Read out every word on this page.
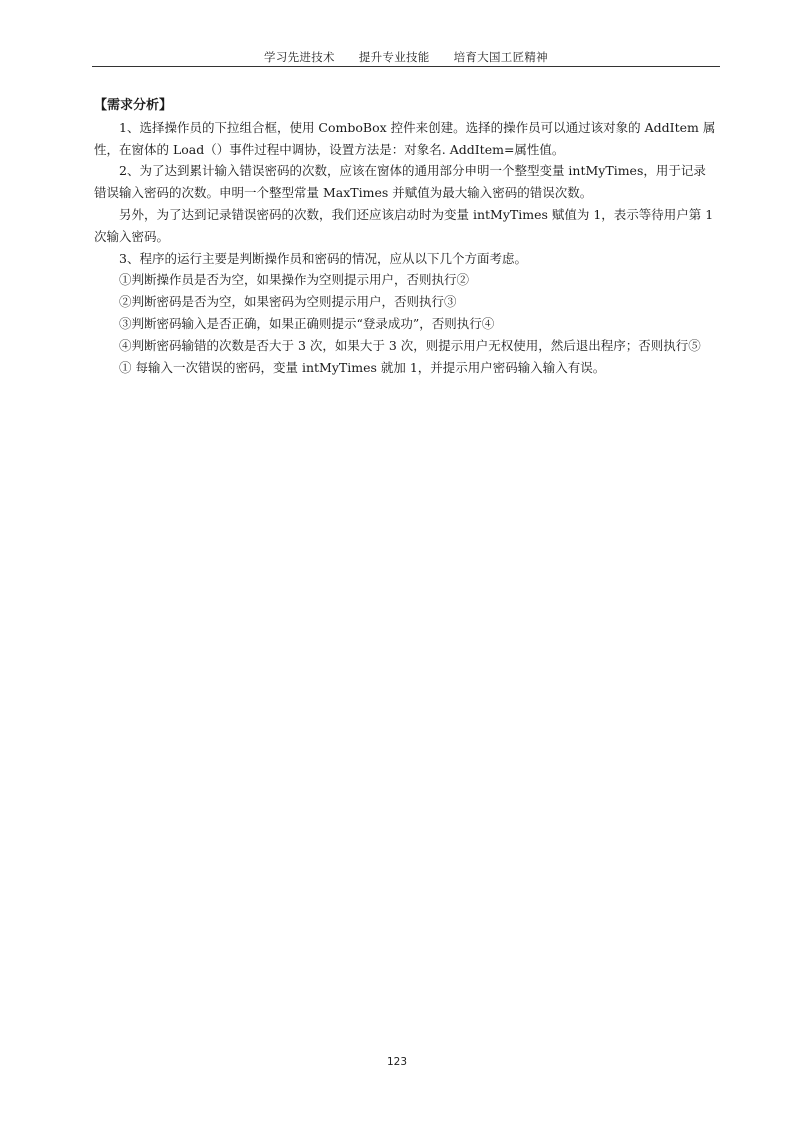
学习先进技术 提升专业技能 培育大国工匠精神

【需求分析】

1、选择操作员的下拉组合框，使用 ComboBox 控件来创建。选择的操作员可以通过该对象的 AddItem 属性，在窗体的 Load（）事件过程中调协，设置方法是：对象名. AddItem=属性值。

2、为了达到累计输入错误密码的次数，应该在窗体的通用部分申明一个整型变量 intMyTimes，用于记录错误输入密码的次数。申明一个整型常量 MaxTimes 并赋值为最大输入密码的错误次数。

另外，为了达到记录错误密码的次数，我们还应该启动时为变量 intMyTimes 赋值为 1，表示等待用户第 1 次输入密码。

3、程序的运行主要是判断操作员和密码的情况，应从以下几个方面考虑。

①判断操作员是否为空，如果操作为空则提示用户，否则执行②

②判断密码是否为空，如果密码为空则提示用户，否则执行③

③判断密码输入是否正确，如果正确则提示“登录成功”，否则执行④

④判断密码输错的次数是否大于 3 次，如果大于 3 次，则提示用户无权使用，然后退出程序；否则执行⑤

① 每输入一次错误的密码，变量 intMyTimes 就加 1，并提示用户密码输入输入有误。

123
